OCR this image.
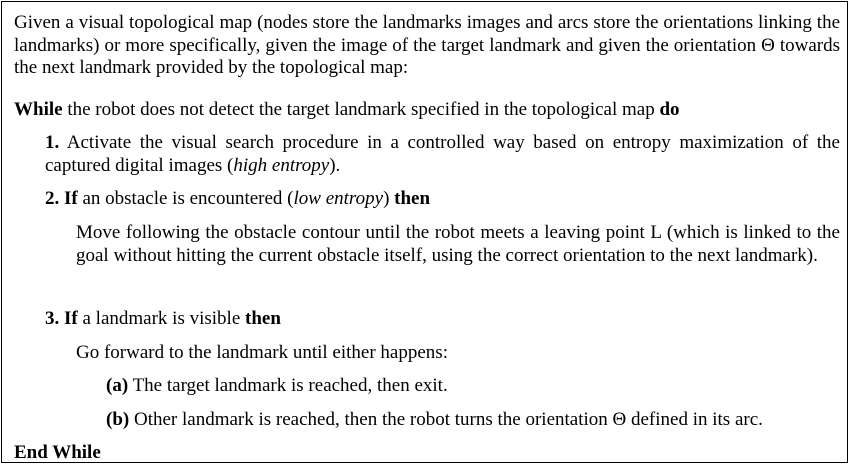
Given a visual topological map (nodes store the landmarks images and arcs store the orientations linking the landmarks) or more specifically, given the image of the target landmark and given the orientation Θ towards the next landmark provided by the topological map:

While the robot does not detect the target landmark specified in the topological map do

1. Activate the visual search procedure in a controlled way based on entropy maximization of the captured digital images (high entropy).

2. If an obstacle is encountered (low entropy) then

Move following the obstacle contour until the robot meets a leaving point L (which is linked to the goal without hitting the current obstacle itself, using the correct orientation to the next landmark).

3. If a landmark is visible then

Go forward to the landmark until either happens:

(a) The target landmark is reached, then exit.

(b) Other landmark is reached, then the robot turns the orientation Θ defined in its arc.

End While
